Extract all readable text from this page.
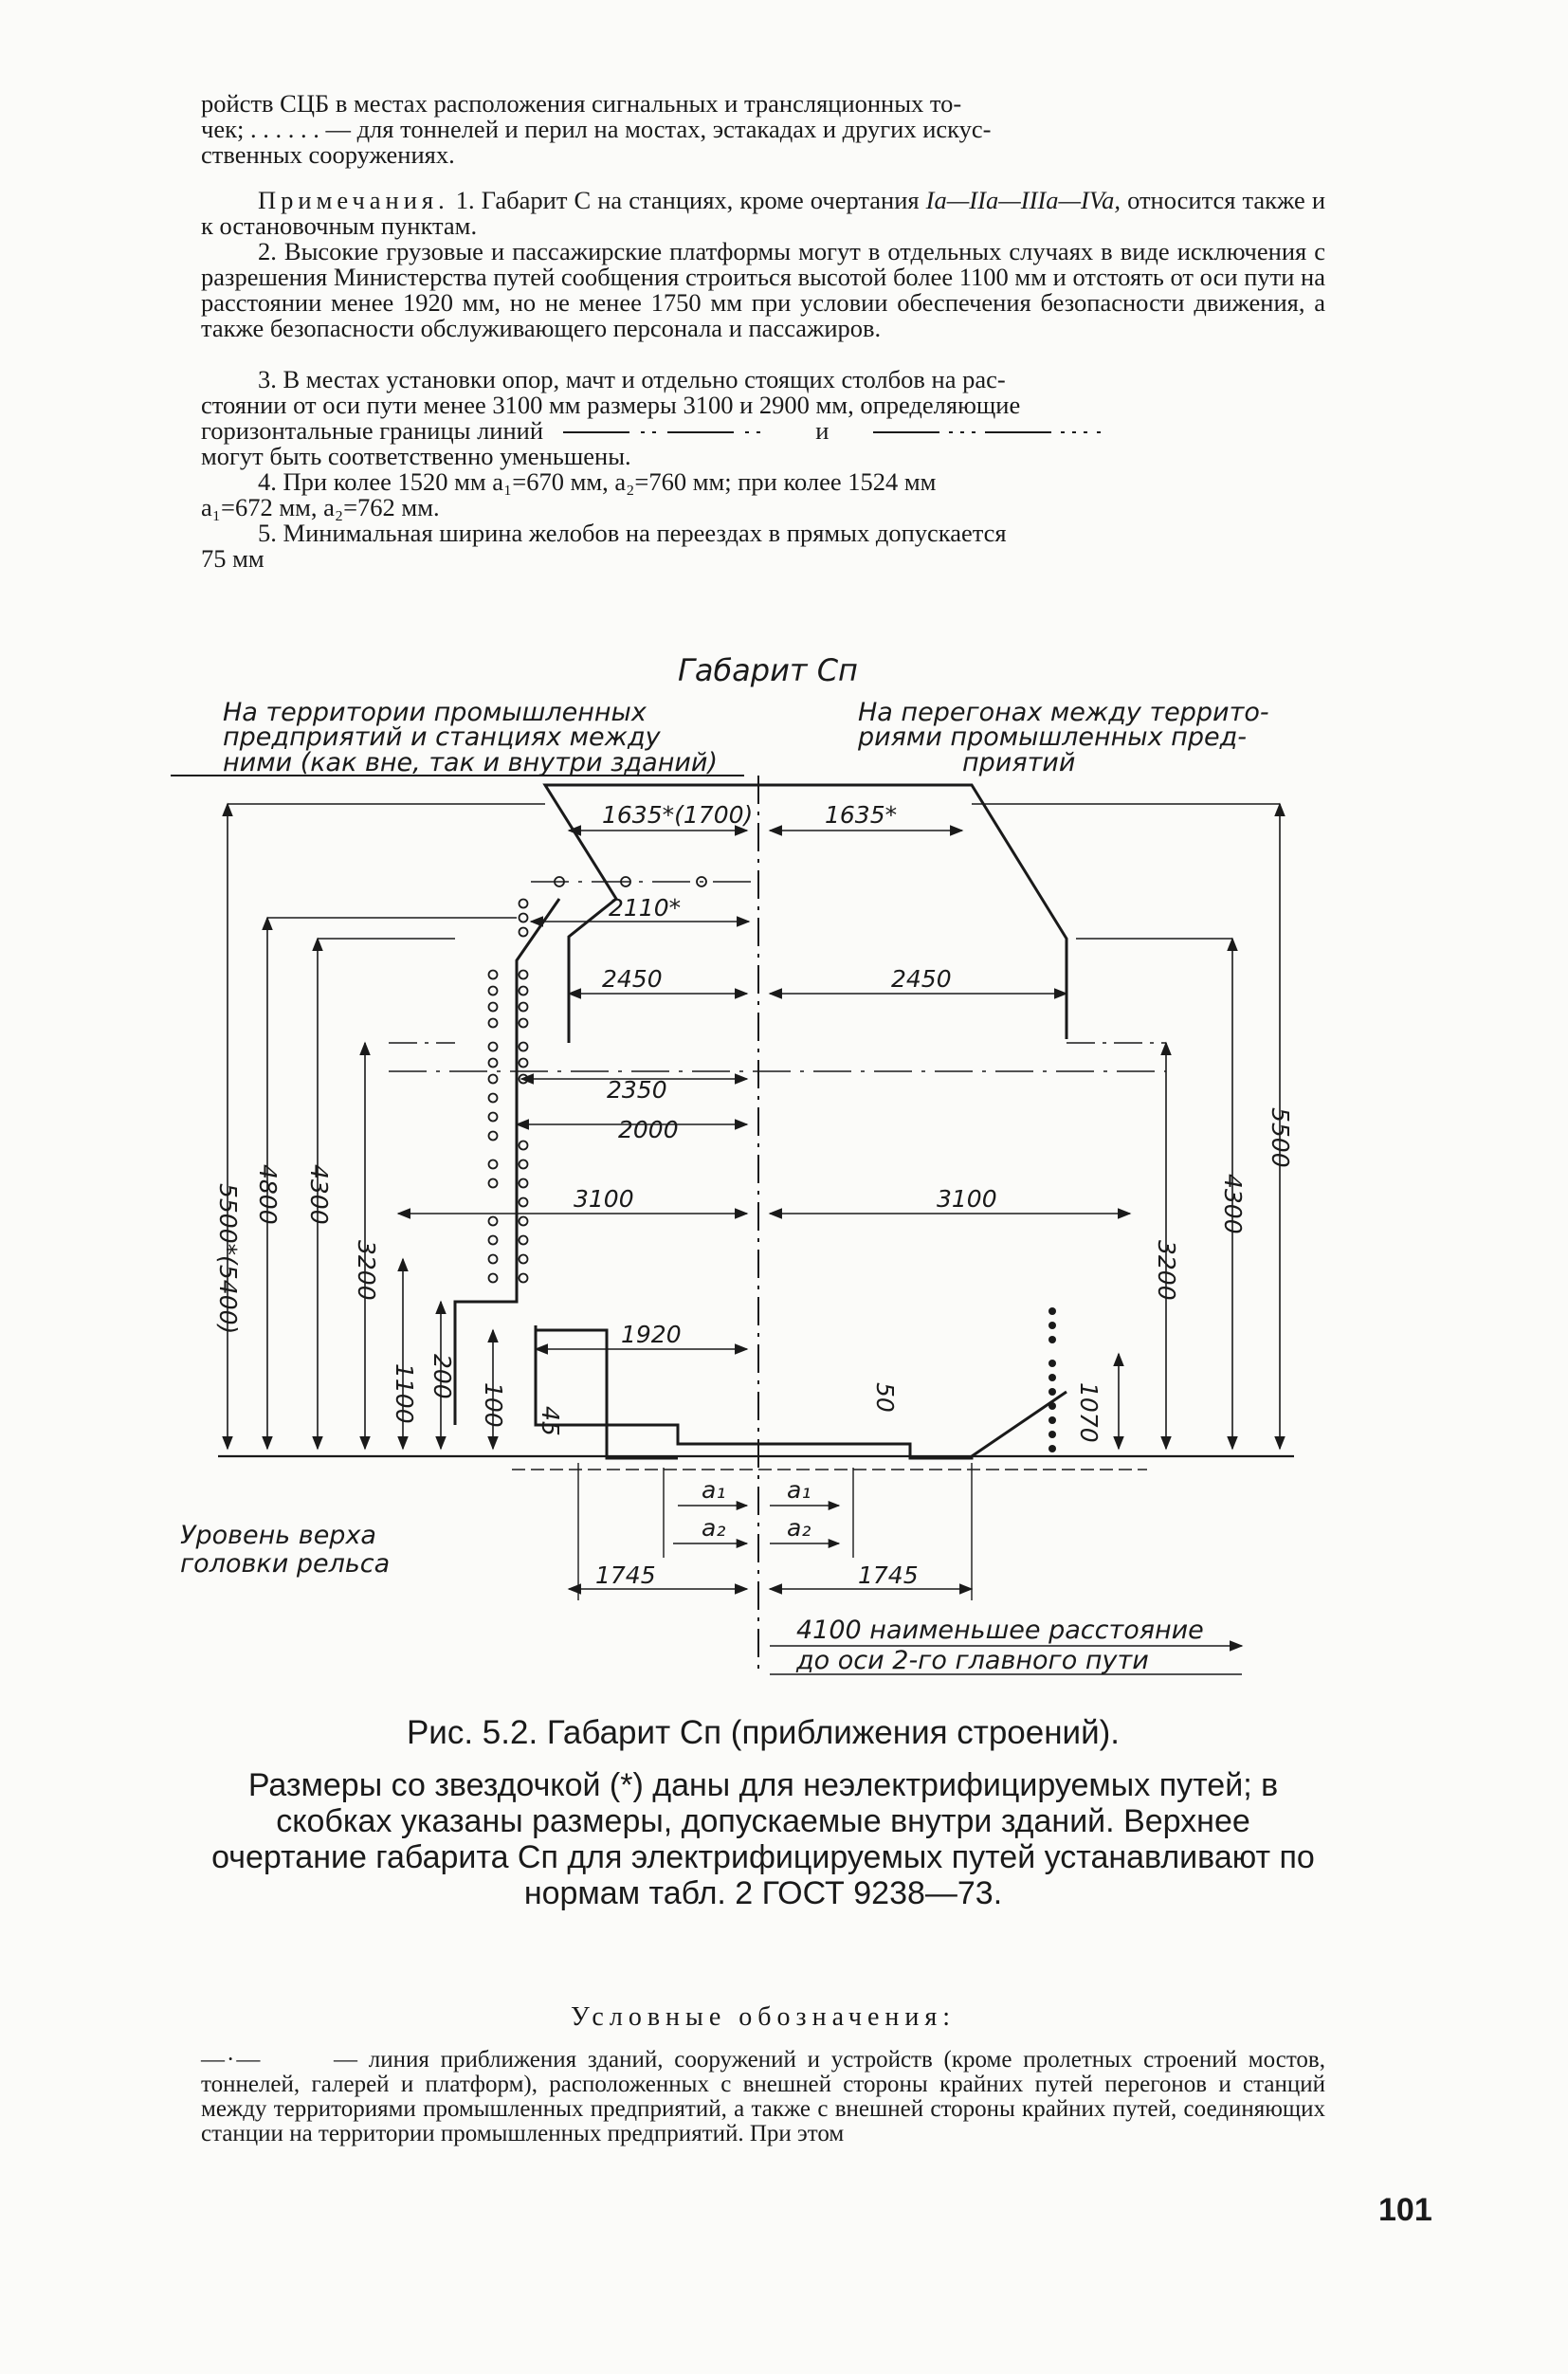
ройств СЦБ в местах расположения сигнальных и трансляционных то-

чек; . . . . . . — для тоннелей и перил на мостах, эстакадах и других искус-

ственных сооружениях.

Примечания. 1. Габарит С на станциях, кроме очертания Ia—IIa—IIIa—IVa, относится также и к остановочным пунктам.

2. Высокие грузовые и пассажирские платформы могут в отдельных случаях в виде исключения с разрешения Министерства путей сообщения строиться высотой более 1100 мм и отстоять от оси пути на расстоянии менее 1920 мм, но не менее 1750 мм при условии обеспечения безопасности движения, а также безопасности обслуживающего персонала и пассажиров.

3. В местах установки опор, мачт и отдельно стоящих столбов на рас-

стоянии от оси пути менее 3100 мм размеры 3100 и 2900 мм, определяющие

горизонтальные границы линий	и

могут быть соответственно уменьшены.

4. При колее 1520 мм a₁=670 мм, a₂=760 мм; при колее 1524 мм

a₁=672 мм, a₂=762 мм.

5. Минимальная ширина желобов на переездах в прямых допускается

75 мм

Габарит Сп
На территории промышленных
предприятий и станциях между
ними (как вне, так и внутри зданий)
На перегонах между террито-
риями промышленных пред-
приятий
1635*(1700)	1635*
2110*
2450	2450
2350
2000
3100	3100
1920
1745	1745
a₁	a₁
a₂	a₂
Уровень верха
головки рельса
4100 наименьшее расстояние
до оси 2-го главного пути
5500*(5400) 4800 4300
3200
1100 200
100 45
50	1070
3200
4300
5500
Рис. 5.2. Габарит Сп (приближения строений).
Размеры со звездочкой (*) даны для неэлектрифицируемых путей; в скобках указаны размеры, допускаемые внутри зданий. Верхнее очертание габарита Сп для электрифицируемых путей устанавливают по нормам табл. 2 ГОСТ 9238—73.
Условные обозначения:
—·—	— линия приближения зданий, сооружений и устройств (кроме пролетных строений мостов, тоннелей, галерей и платформ), расположенных с внешней стороны крайних путей перегонов и станций между территориями промышленных предприятий, а также с внешней стороны крайних путей, соединяющих станции на территории промышленных предприятий. При этом
101
